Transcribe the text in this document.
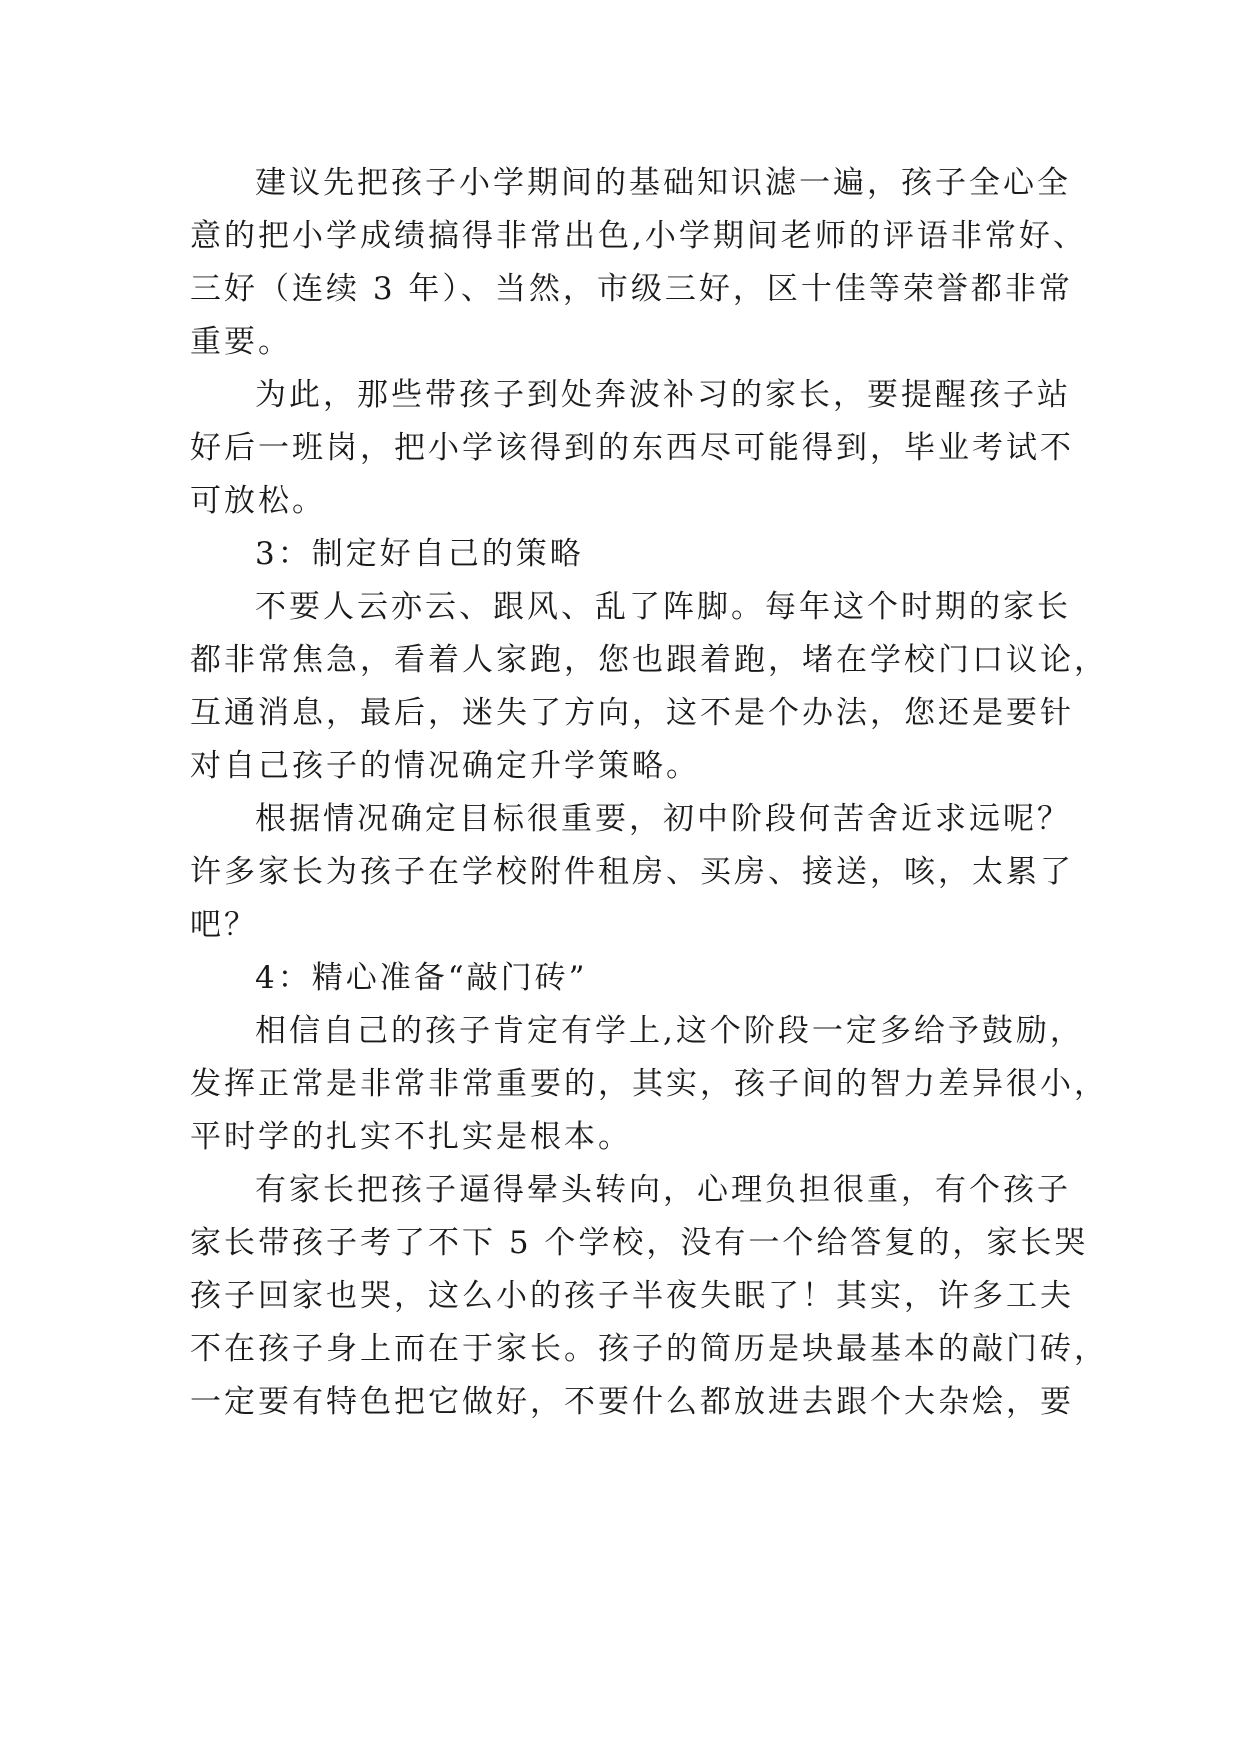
建议先把孩子小学期间的基础知识滤一遍，孩子全心全
意的把小学成绩搞得非常出色,小学期间老师的评语非常好、
三好（连续 3 年）、当然，市级三好，区十佳等荣誉都非常
重要。
为此，那些带孩子到处奔波补习的家长，要提醒孩子站
好后一班岗，把小学该得到的东西尽可能得到，毕业考试不
可放松。
3：制定好自己的策略
不要人云亦云、跟风、乱了阵脚。每年这个时期的家长
都非常焦急，看着人家跑，您也跟着跑，堵在学校门口议论，
互通消息，最后，迷失了方向，这不是个办法，您还是要针
对自己孩子的情况确定升学策略。
根据情况确定目标很重要，初中阶段何苦舍近求远呢？
许多家长为孩子在学校附件租房、买房、接送，咳，太累了
吧？
4：精心准备“敲门砖”
相信自己的孩子肯定有学上,这个阶段一定多给予鼓励，
发挥正常是非常非常重要的，其实，孩子间的智力差异很小，
平时学的扎实不扎实是根本。
有家长把孩子逼得晕头转向，心理负担很重，有个孩子
家长带孩子考了不下 5 个学校，没有一个给答复的，家长哭
孩子回家也哭，这么小的孩子半夜失眠了！其实，许多工夫
不在孩子身上而在于家长。孩子的简历是块最基本的敲门砖，
一定要有特色把它做好，不要什么都放进去跟个大杂烩，要
